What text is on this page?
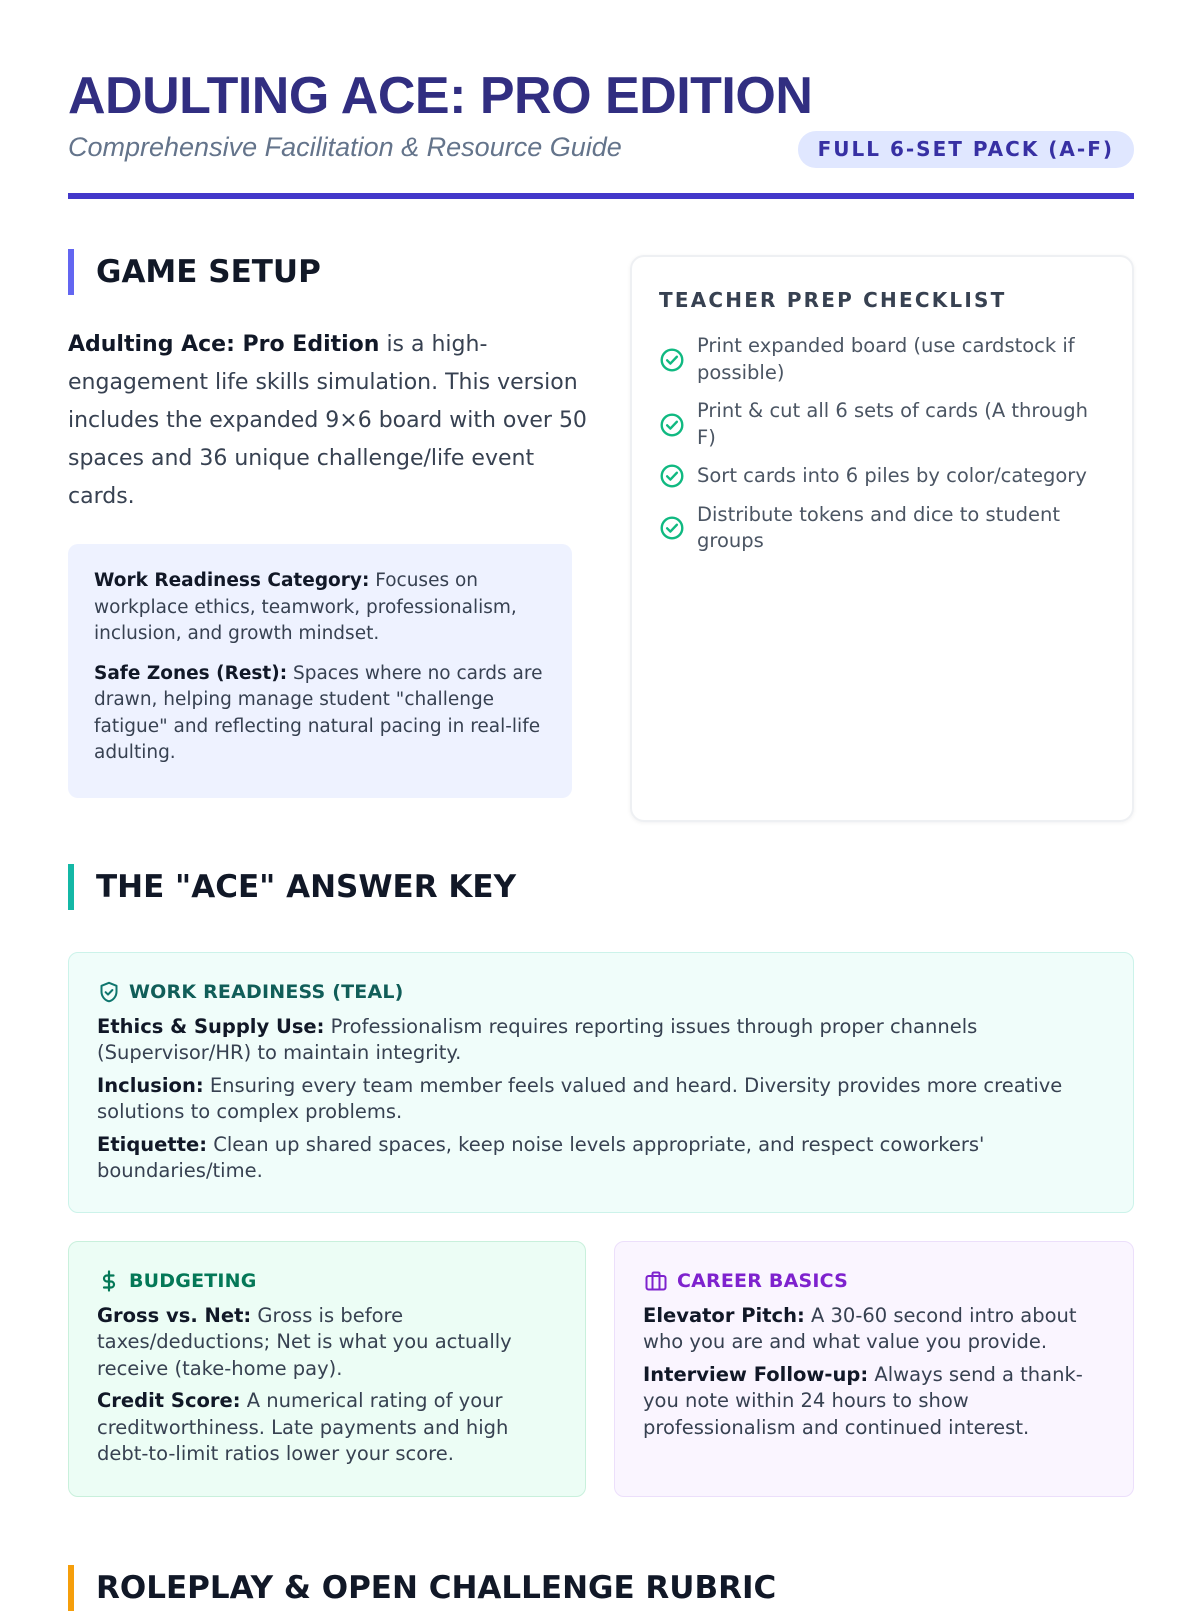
ADULTING ACE: PRO EDITION
Comprehensive Facilitation & Resource Guide	FULL 6-SET PACK (A-F)
GAME SETUP

Adulting Ace: Pro Edition is a high-engagement life skills simulation. This version includes the expanded 9×6 board with over 50 spaces and 36 unique challenge/life event cards.

Work Readiness Category: Focuses on workplace ethics, teamwork, professionalism, inclusion, and growth mindset.

Safe Zones (Rest): Spaces where no cards are drawn, helping manage student "challenge fatigue" and reflecting natural pacing in real-life adulting.

TEACHER PREP CHECKLIST
Print expanded board (use cardstock if possible)
Print & cut all 6 sets of cards (A through F)
Sort cards into 6 piles by color/category
Distribute tokens and dice to student groups
THE "ACE" ANSWER KEY
WORK READINESS (TEAL)

Ethics & Supply Use: Professionalism requires reporting issues through proper channels (Supervisor/HR) to maintain integrity.

Inclusion: Ensuring every team member feels valued and heard. Diversity provides more creative solutions to complex problems.

Etiquette: Clean up shared spaces, keep noise levels appropriate, and respect coworkers' boundaries/time.

BUDGETING

Gross vs. Net: Gross is before taxes/deductions; Net is what you actually receive (take-home pay).

Credit Score: A numerical rating of your creditworthiness. Late payments and high debt-to-limit ratios lower your score.

CAREER BASICS

Elevator Pitch: A 30-60 second intro about who you are and what value you provide.

Interview Follow-up: Always send a thank-you note within 24 hours to show professionalism and continued interest.

ROLEPLAY & OPEN CHALLENGE RUBRIC
